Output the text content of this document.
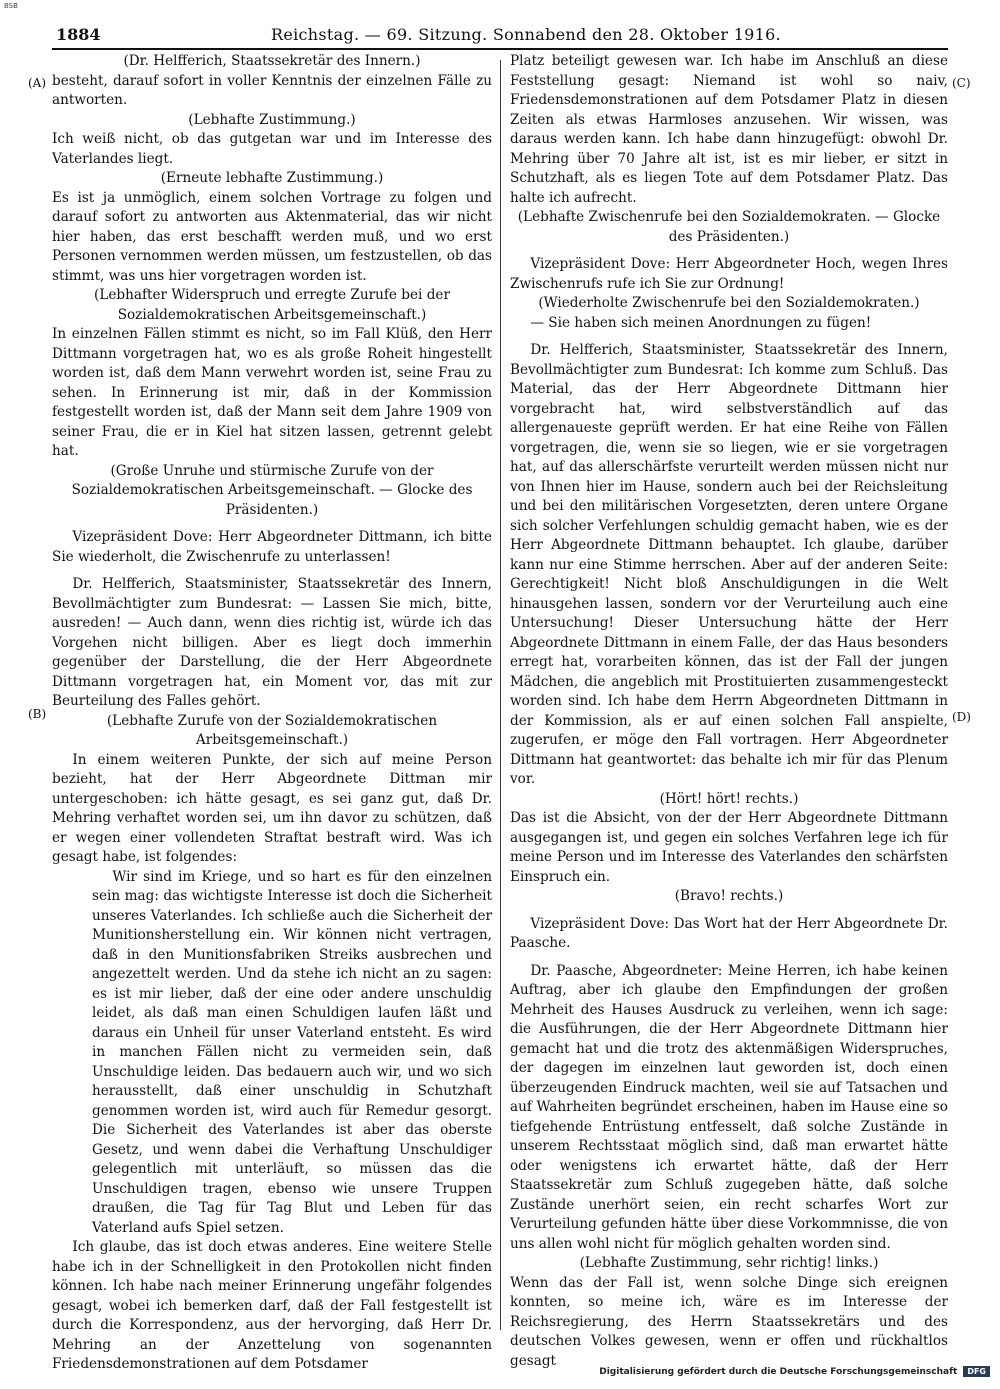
BSB
1884	Reichstag. — 69. Sitzung. Sonnabend den 28. Oktober 1916.
(A)
(B)
(C)
(D)

(Dr. Helfferich, Staatssekretär des Innern.)

besteht, darauf sofort in voller Kenntnis der einzelnen Fälle zu antworten.

(Lebhafte Zustimmung.)

Ich weiß nicht, ob das gutgetan war und im Interesse des Vaterlandes liegt.

(Erneute lebhafte Zustimmung.)

Es ist ja unmöglich, einem solchen Vortrage zu folgen und darauf sofort zu antworten aus Aktenmaterial, das wir nicht hier haben, das erst beschafft werden muß, und wo erst Personen vernommen werden müssen, um festzustellen, ob das stimmt, was uns hier vorgetragen worden ist.

(Lebhafter Widerspruch und erregte Zurufe bei der Sozialdemokratischen Arbeitsgemeinschaft.)

In einzelnen Fällen stimmt es nicht, so im Fall Klüß, den Herr Dittmann vorgetragen hat, wo es als große Roheit hingestellt worden ist, daß dem Mann verwehrt worden ist, seine Frau zu sehen. In Erinnerung ist mir, daß in der Kommission festgestellt worden ist, daß der Mann seit dem Jahre 1909 von seiner Frau, die er in Kiel hat sitzen lassen, getrennt gelebt hat.

(Große Unruhe und stürmische Zurufe von der Sozialdemokratischen Arbeitsgemeinschaft. — Glocke des Präsidenten.)

Vizepräsident Dove: Herr Abgeordneter Dittmann, ich bitte Sie wiederholt, die Zwischenrufe zu unterlassen!

Dr. Helfferich, Staatsminister, Staatssekretär des Innern, Bevollmächtigter zum Bundesrat: — Lassen Sie mich, bitte, ausreden! — Auch dann, wenn dies richtig ist, würde ich das Vorgehen nicht billigen. Aber es liegt doch immerhin gegenüber der Darstellung, die der Herr Abgeordnete Dittmann vorgetragen hat, ein Moment vor, das mit zur Beurteilung des Falles gehört.

(Lebhafte Zurufe von der Sozialdemokratischen Arbeitsgemeinschaft.)

In einem weiteren Punkte, der sich auf meine Person bezieht, hat der Herr Abgeordnete Dittman mir untergeschoben: ich hätte gesagt, es sei ganz gut, daß Dr. Mehring verhaftet worden sei, um ihn davor zu schützen, daß er wegen einer vollendeten Straftat bestraft wird. Was ich gesagt habe, ist folgendes:

Wir sind im Kriege, und so hart es für den einzelnen sein mag: das wichtigste Interesse ist doch die Sicherheit unseres Vaterlandes. Ich schließe auch die Sicherheit der Munitionsherstellung ein. Wir können nicht vertragen, daß in den Munitionsfabriken Streiks ausbrechen und angezettelt werden. Und da stehe ich nicht an zu sagen: es ist mir lieber, daß der eine oder andere unschuldig leidet, als daß man einen Schuldigen laufen läßt und daraus ein Unheil für unser Vaterland entsteht. Es wird in manchen Fällen nicht zu vermeiden sein, daß Unschuldige leiden. Das bedauern auch wir, und wo sich herausstellt, daß einer unschuldig in Schutzhaft genommen worden ist, wird auch für Remedur gesorgt. Die Sicherheit des Vaterlandes ist aber das oberste Gesetz, und wenn dabei die Verhaftung Unschuldiger gelegentlich mit unterläuft, so müssen das die Unschuldigen tragen, ebenso wie unsere Truppen draußen, die Tag für Tag Blut und Leben für das Vaterland aufs Spiel setzen.

Ich glaube, das ist doch etwas anderes. Eine weitere Stelle habe ich in der Schnelligkeit in den Protokollen nicht finden können. Ich habe nach meiner Erinnerung ungefähr folgendes gesagt, wobei ich bemerken darf, daß der Fall festgestellt ist durch die Korrespondenz, aus der hervorging, daß Herr Dr. Mehring an der Anzettelung von sogenannten Friedensdemonstrationen auf dem Potsdamer

Platz beteiligt gewesen war. Ich habe im Anschluß an diese Feststellung gesagt: Niemand ist wohl so naiv, Friedensdemonstrationen auf dem Potsdamer Platz in diesen Zeiten als etwas Harmloses anzusehen. Wir wissen, was daraus werden kann. Ich habe dann hinzugefügt: obwohl Dr. Mehring über 70 Jahre alt ist, ist es mir lieber, er sitzt in Schutzhaft, als es liegen Tote auf dem Potsdamer Platz. Das halte ich aufrecht.

(Lebhafte Zwischenrufe bei den Sozialdemokraten. — Glocke des Präsidenten.)

Vizepräsident Dove: Herr Abgeordneter Hoch, wegen Ihres Zwischenrufs rufe ich Sie zur Ordnung!

(Wiederholte Zwischenrufe bei den Sozialdemokraten.)

— Sie haben sich meinen Anordnungen zu fügen!

Dr. Helfferich, Staatsminister, Staatssekretär des Innern, Bevollmächtigter zum Bundesrat: Ich komme zum Schluß. Das Material, das der Herr Abgeordnete Dittmann hier vorgebracht hat, wird selbstverständlich auf das allergenaueste geprüft werden. Er hat eine Reihe von Fällen vorgetragen, die, wenn sie so liegen, wie er sie vorgetragen hat, auf das allerschärfste verurteilt werden müssen nicht nur von Ihnen hier im Hause, sondern auch bei der Reichsleitung und bei den militärischen Vorgesetzten, deren untere Organe sich solcher Verfehlungen schuldig gemacht haben, wie es der Herr Abgeordnete Dittmann behauptet. Ich glaube, darüber kann nur eine Stimme herrschen. Aber auf der anderen Seite: Gerechtigkeit! Nicht bloß Anschuldigungen in die Welt hinausgehen lassen, sondern vor der Verurteilung auch eine Untersuchung! Dieser Untersuchung hätte der Herr Abgeordnete Dittmann in einem Falle, der das Haus besonders erregt hat, vorarbeiten können, das ist der Fall der jungen Mädchen, die angeblich mit Prostituierten zusammengesteckt worden sind. Ich habe dem Herrn Abgeordneten Dittmann in der Kommission, als er auf einen solchen Fall anspielte, zugerufen, er möge den Fall vortragen. Herr Abgeordneter Dittmann hat geantwortet: das behalte ich mir für das Plenum vor.

(Hört! hört! rechts.)

Das ist die Absicht, von der der Herr Abgeordnete Dittmann ausgegangen ist, und gegen ein solches Verfahren lege ich für meine Person und im Interesse des Vaterlandes den schärfsten Einspruch ein.

(Bravo! rechts.)

Vizepräsident Dove: Das Wort hat der Herr Abgeordnete Dr. Paasche.

Dr. Paasche, Abgeordneter: Meine Herren, ich habe keinen Auftrag, aber ich glaube den Empfindungen der großen Mehrheit des Hauses Ausdruck zu verleihen, wenn ich sage: die Ausführungen, die der Herr Abgeordnete Dittmann hier gemacht hat und die trotz des aktenmäßigen Widerspruches, der dagegen im einzelnen laut geworden ist, doch einen überzeugenden Eindruck machten, weil sie auf Tatsachen und auf Wahrheiten begründet erscheinen, haben im Hause eine so tiefgehende Entrüstung entfesselt, daß solche Zustände in unserem Rechtsstaat möglich sind, daß man erwartet hätte oder wenigstens ich erwartet hätte, daß der Herr Staatssekretär zum Schluß zugegeben hätte, daß solche Zustände unerhört seien, ein recht scharfes Wort zur Verurteilung gefunden hätte über diese Vorkommnisse, die von uns allen wohl nicht für möglich gehalten worden sind.

(Lebhafte Zustimmung, sehr richtig! links.)

Wenn das der Fall ist, wenn solche Dinge sich ereignen konnten, so meine ich, wäre es im Interesse der Reichsregierung, des Herrn Staatssekretärs und des deutschen Volkes gewesen, wenn er offen und rückhaltlos gesagt

Digitalisierung gefördert durch die Deutsche Forschungsgemeinschaft	DFG
